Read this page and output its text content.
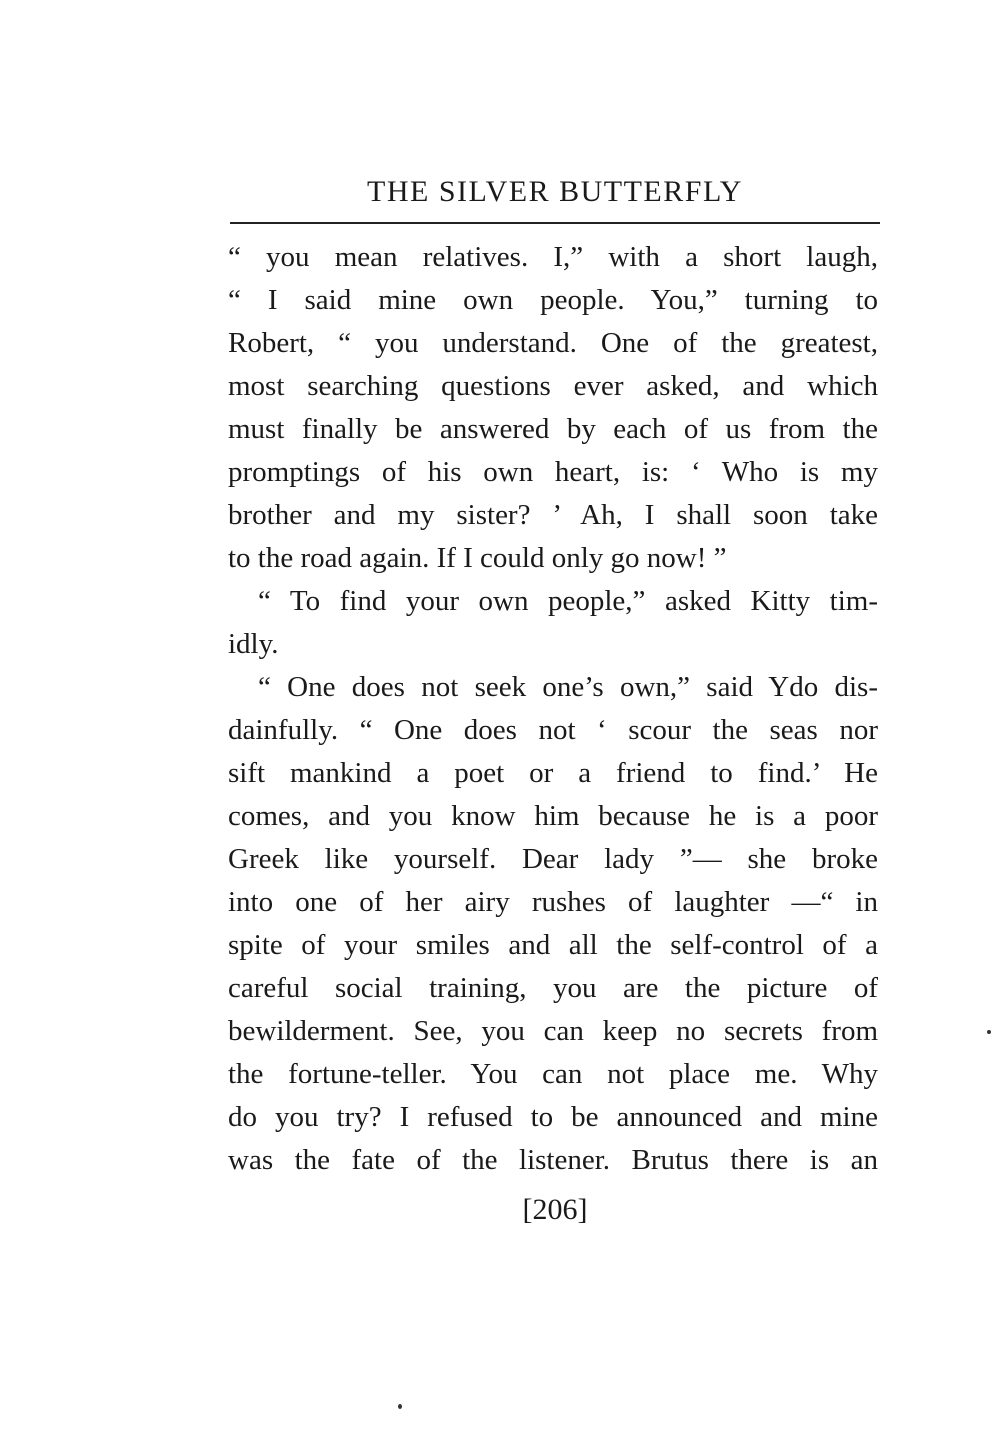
THE SILVER BUTTERFLY
“ you mean relatives. I,” with a short laugh,
“ I said mine own people. You,” turning to
Robert, “ you understand. One of the greatest,
most searching questions ever asked, and which
must finally be answered by each of us from the
promptings of his own heart, is: ‘ Who is my
brother and my sister? ’ Ah, I shall soon take
to the road again. If I could only go now! ”
“ To find your own people,” asked Kitty tim-
idly.
“ One does not seek one’s own,” said Ydo dis-
dainfully. “ One does not ‘ scour the seas nor
sift mankind a poet or a friend to find.’ He
comes, and you know him because he is a poor
Greek like yourself. Dear lady ”— she broke
into one of her airy rushes of laughter —“ in
spite of your smiles and all the self-control of a
careful social training, you are the picture of
bewilderment. See, you can keep no secrets from
the fortune-teller. You can not place me. Why
do you try? I refused to be announced and mine
was the fate of the listener. Brutus there is an
[206]
